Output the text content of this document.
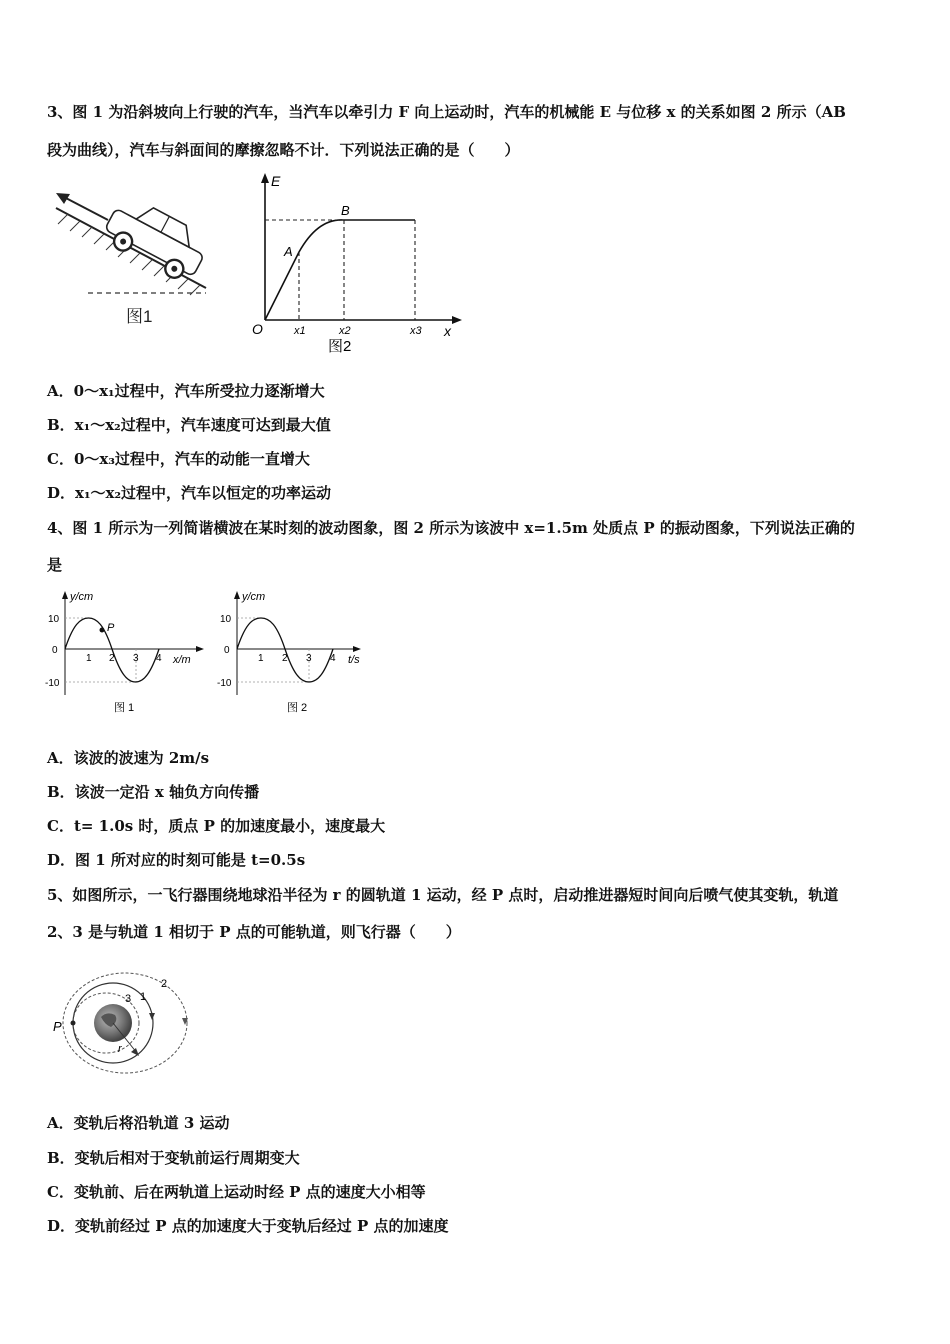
3、图 1 为沿斜坡向上行驶的汽车，当汽车以牵引力 F 向上运动时，汽车的机械能 E 与位移 x 的关系如图 2 所示（AB
段为曲线），汽车与斜面间的摩擦忽略不计．下列说法正确的是（　　）
图1
E
x
O
A
B
x1	x2	x3
图2
A．0～x₁过程中，汽车所受拉力逐渐增大
B．x₁～x₂过程中，汽车速度可达到最大值
C．0～x₃过程中，汽车的动能一直增大
D．x₁～x₂过程中，汽车以恒定的功率运动
4、图 1 所示为一列简谐横波在某时刻的波动图象，图 2 所示为该波中 x=1.5m 处质点 P 的振动图象，下列说法正确的
是
P
y/cm
x/m
10
0
-10
1 2 3 4
图 1
y/cm
t/s
10
0
-10
1 2 3 4
图 2
A．该波的波速为 2m/s
B．该波一定沿 x 轴负方向传播
C．t= 1.0s 时，质点 P 的加速度最小，速度最大
D．图 1 所对应的时刻可能是 t=0.5s
5、如图所示，一飞行器围绕地球沿半径为 r 的圆轨道 1 运动，经 P 点时，启动推进器短时间向后喷气使其变轨，轨道
2、3 是与轨道 1 相切于 P 点的可能轨道，则飞行器（　　）
P
r
1
2
3
A．变轨后将沿轨道 3 运动
B．变轨后相对于变轨前运行周期变大
C．变轨前、后在两轨道上运动时经 P 点的速度大小相等
D．变轨前经过 P 点的加速度大于变轨后经过 P 点的加速度
